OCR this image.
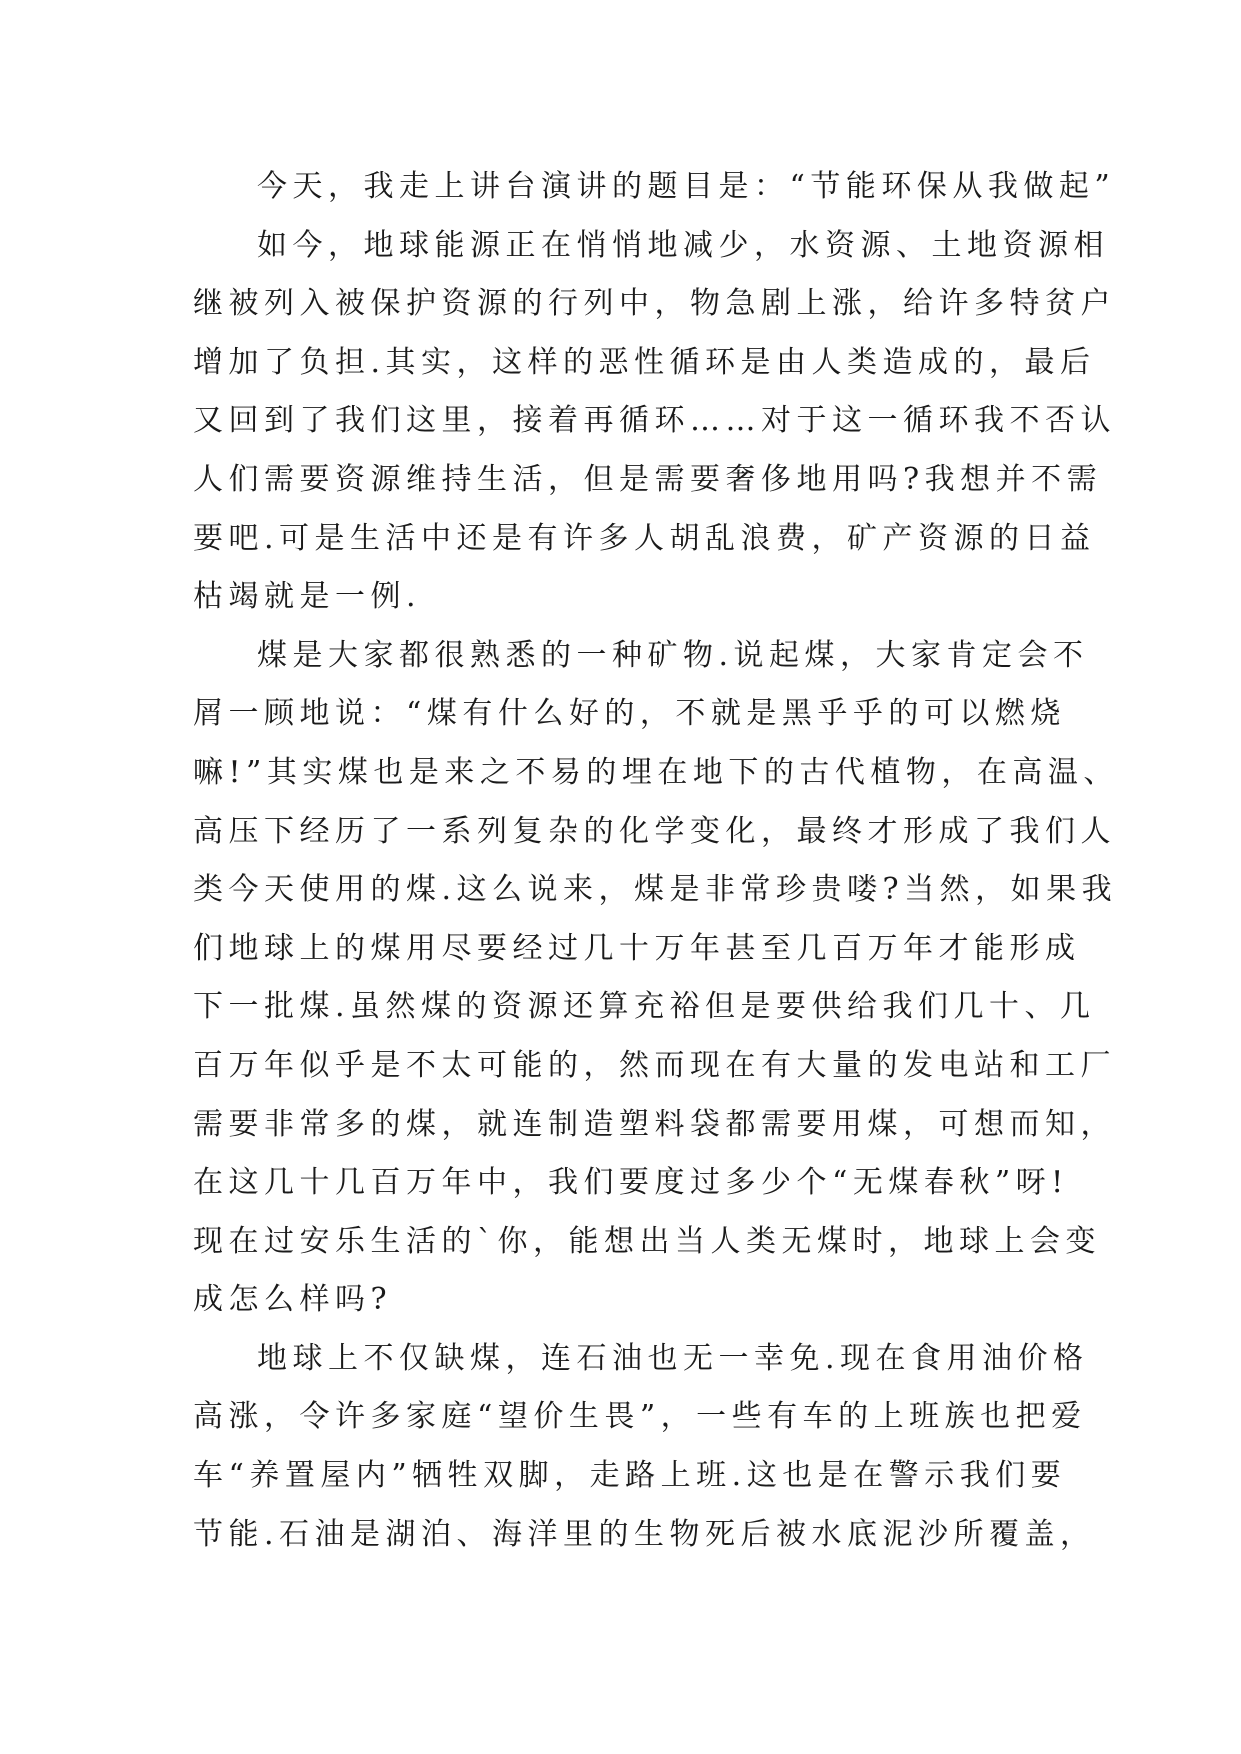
今天，我走上讲台演讲的题目是：“节能环保从我做起”
如今，地球能源正在悄悄地减少，水资源、土地资源相
继被列入被保护资源的行列中，物急剧上涨，给许多特贫户
增加了负担.其实，这样的恶性循环是由人类造成的，最后
又回到了我们这里，接着再循环……对于这一循环我不否认
人们需要资源维持生活，但是需要奢侈地用吗?我想并不需
要吧.可是生活中还是有许多人胡乱浪费，矿产资源的日益
枯竭就是一例.
煤是大家都很熟悉的一种矿物.说起煤，大家肯定会不
屑一顾地说：“煤有什么好的，不就是黑乎乎的可以燃烧
嘛!”其实煤也是来之不易的埋在地下的古代植物，在高温、
高压下经历了一系列复杂的化学变化，最终才形成了我们人
类今天使用的煤.这么说来，煤是非常珍贵喽?当然，如果我
们地球上的煤用尽要经过几十万年甚至几百万年才能形成
下一批煤.虽然煤的资源还算充裕但是要供给我们几十、几
百万年似乎是不太可能的，然而现在有大量的发电站和工厂
需要非常多的煤，就连制造塑料袋都需要用煤，可想而知，
在这几十几百万年中，我们要度过多少个“无煤春秋”呀!
现在过安乐生活的`你，能想出当人类无煤时，地球上会变
成怎么样吗?
地球上不仅缺煤，连石油也无一幸免.现在食用油价格
高涨，令许多家庭“望价生畏”，一些有车的上班族也把爱
车“养置屋内”牺牲双脚，走路上班.这也是在警示我们要
节能.石油是湖泊、海洋里的生物死后被水底泥沙所覆盖，
